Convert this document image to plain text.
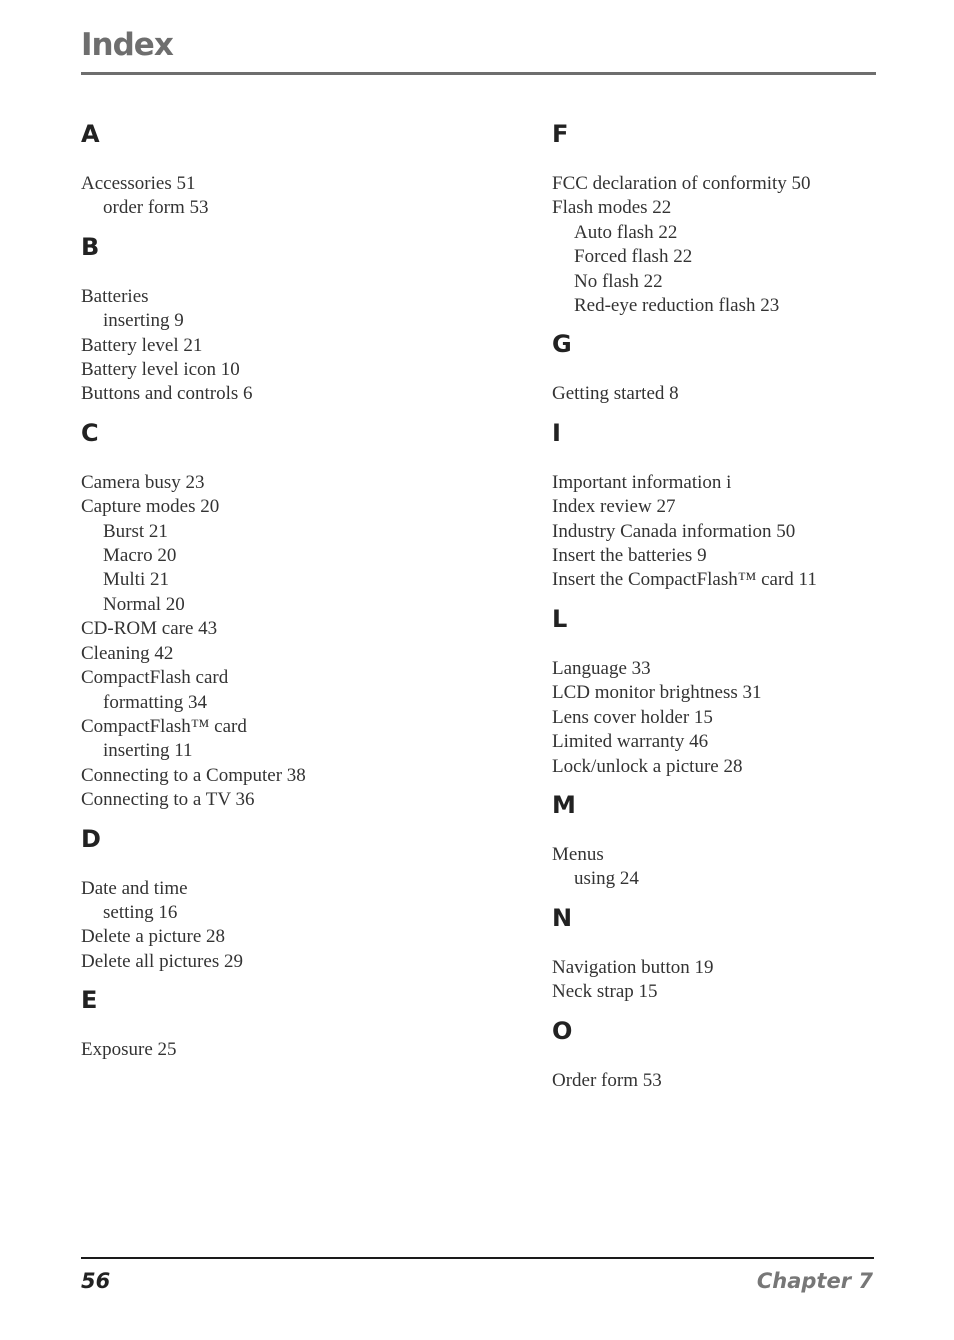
Index
A
Accessories 51
order form 53
B
Batteries
inserting 9
Battery level 21
Battery level icon 10
Buttons and controls 6
C
Camera busy 23
Capture modes 20
Burst 21
Macro 20
Multi 21
Normal 20
CD-ROM care 43
Cleaning 42
CompactFlash card
formatting 34
CompactFlash™ card
inserting 11
Connecting to a Computer 38
Connecting to a TV 36
D
Date and time
setting 16
Delete a picture 28
Delete all pictures 29
E
Exposure 25
F
FCC declaration of conformity 50
Flash modes 22
Auto flash 22
Forced flash 22
No flash 22
Red-eye reduction flash 23
G
Getting started 8
I
Important information i
Index review 27
Industry Canada information 50
Insert the batteries 9
Insert the CompactFlash™ card 11
L
Language 33
LCD monitor brightness 31
Lens cover holder 15
Limited warranty 46
Lock/unlock a picture 28
M
Menus
using 24
N
Navigation button 19
Neck strap 15
O
Order form 53
56	Chapter 7
